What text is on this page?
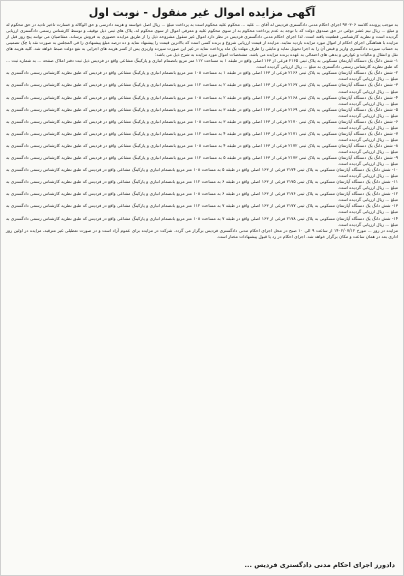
آگهی مزایده اموال غیر منقول - نوبت اول

به موجب پرونده کلاسه ۹۷۰۳۰۶ اجرای احکام مدنی دادگستری فردیس له آقای ... علیه ... محکوم علیه محکوم است به پرداخت مبلغ ... ریال اصل خواسته و هزینه دادرسی و حق الوکاله و خسارت تاخیر تادیه در حق محکوم له و مبلغ ... ریال نیم عشر دولتی در حق صندوق دولت که با توجه به عدم پرداخت محکوم به از سوی محکوم علیه و معرفی اموال از سوی محکوم له، پلاک های ثبتی ذیل توقیف و توسط کارشناس رسمی دادگستری ارزیابی گردیده است و نظریه کارشناسی قطعیت یافته است. لذا اجرای احکام مدنی دادگستری فردیس در نظر دارد اموال غیر منقول مشروحه ذیل را از طریق مزایده حضوری به فروش برساند. متقاضیان می توانند پنج روز قبل از مزایده با هماهنگی اجرای احکام از اموال مورد مزایده بازدید نمایند. مزایده از قیمت ارزیابی شروع و برنده کسی است که بالاترین قیمت را پیشنهاد نماید و ده درصد مبلغ پیشنهادی را فی المجلس به صورت نقد یا چک تضمینی به حساب سپرده دادگستری واریز و قبض آن را به اجرا تحویل نماید و مابقی را ظرف مهلت یک ماه پرداخت نماید در غیر این صورت سپرده واریزی پس از کسر هزینه های اجرایی به نفع دولت ضبط خواهد شد. کلیه هزینه های نقل و انتقال و مالیات و عوارض و بدهی های احتمالی به عهده برنده مزایده می باشد. مشخصات اموال مورد مزایده به شرح ذیل می باشد:

۱- شش دانگ یک دستگاه آپارتمان مسکونی به پلاک ثبتی ۲۱۶۵ فرعی از ۱۶۳ اصلی واقع در طبقه ۱ به مساحت ۱۱۲ متر مربع بانضمام انباری و پارکینگ مشاعی واقع در فردیس ذیل ثبت دفتر املاک صفحه ... به شماره ثبت ... که طبق نظریه کارشناس رسمی دادگستری به مبلغ ... ریال ارزیابی گردیده است.

۲- شش دانگ یک دستگاه آپارتمان مسکونی به پلاک ثبتی ۲۱۶۶ فرعی از ۱۶۳ اصلی واقع در طبقه ۱ به مساحت ۱۰۸ متر مربع بانضمام انباری و پارکینگ مشاعی واقع در فردیس که طبق نظریه کارشناس رسمی دادگستری به مبلغ ... ریال ارزیابی گردیده است.

۳- شش دانگ یک دستگاه آپارتمان مسکونی به پلاک ثبتی ۲۱۶۷ فرعی از ۱۶۳ اصلی واقع در طبقه ۲ به مساحت ۱۱۲ متر مربع بانضمام انباری و پارکینگ مشاعی واقع در فردیس که طبق نظریه کارشناس رسمی دادگستری به مبلغ ... ریال ارزیابی گردیده است.

۴- شش دانگ یک دستگاه آپارتمان مسکونی به پلاک ثبتی ۲۱۶۸ فرعی از ۱۶۳ اصلی واقع در طبقه ۲ به مساحت ۱۰۸ متر مربع بانضمام انباری و پارکینگ مشاعی واقع در فردیس که طبق نظریه کارشناس رسمی دادگستری به مبلغ ... ریال ارزیابی گردیده است.

۵- شش دانگ یک دستگاه آپارتمان مسکونی به پلاک ثبتی ۲۱۶۹ فرعی از ۱۶۳ اصلی واقع در طبقه ۳ به مساحت ۱۱۲ متر مربع بانضمام انباری و پارکینگ مشاعی واقع در فردیس که طبق نظریه کارشناس رسمی دادگستری به مبلغ ... ریال ارزیابی گردیده است.

۶- شش دانگ یک دستگاه آپارتمان مسکونی به پلاک ثبتی ۲۱۷۰ فرعی از ۱۶۳ اصلی واقع در طبقه ۳ به مساحت ۱۰۸ متر مربع بانضمام انباری و پارکینگ مشاعی واقع در فردیس که طبق نظریه کارشناس رسمی دادگستری به مبلغ ... ریال ارزیابی گردیده است.

۷- شش دانگ یک دستگاه آپارتمان مسکونی به پلاک ثبتی ۲۱۷۱ فرعی از ۱۶۳ اصلی واقع در طبقه ۴ به مساحت ۱۱۲ متر مربع بانضمام انباری و پارکینگ مشاعی واقع در فردیس که طبق نظریه کارشناس رسمی دادگستری به مبلغ ... ریال ارزیابی گردیده است.

۸- شش دانگ یک دستگاه آپارتمان مسکونی به پلاک ثبتی ۲۱۷۲ فرعی از ۱۶۳ اصلی واقع در طبقه ۴ به مساحت ۱۰۸ متر مربع بانضمام انباری و پارکینگ مشاعی واقع در فردیس که طبق نظریه کارشناس رسمی دادگستری به مبلغ ... ریال ارزیابی گردیده است.

۹- شش دانگ یک دستگاه آپارتمان مسکونی به پلاک ثبتی ۲۱۷۳ فرعی از ۱۶۳ اصلی واقع در طبقه ۵ به مساحت ۱۱۲ متر مربع بانضمام انباری و پارکینگ مشاعی واقع در فردیس که طبق نظریه کارشناس رسمی دادگستری به مبلغ ... ریال ارزیابی گردیده است.

۱۰- شش دانگ یک دستگاه آپارتمان مسکونی به پلاک ثبتی ۲۱۷۴ فرعی از ۱۶۳ اصلی واقع در طبقه ۵ به مساحت ۱۰۸ متر مربع بانضمام انباری و پارکینگ مشاعی واقع در فردیس که طبق نظریه کارشناس رسمی دادگستری به مبلغ ... ریال ارزیابی گردیده است.

۱۱- شش دانگ یک دستگاه آپارتمان مسکونی به پلاک ثبتی ۲۱۷۵ فرعی از ۱۶۳ اصلی واقع در طبقه ۶ به مساحت ۱۱۲ متر مربع بانضمام انباری و پارکینگ مشاعی واقع در فردیس که طبق نظریه کارشناس رسمی دادگستری به مبلغ ... ریال ارزیابی گردیده است.

۱۲- شش دانگ یک دستگاه آپارتمان مسکونی به پلاک ثبتی ۲۱۷۶ فرعی از ۱۶۳ اصلی واقع در طبقه ۶ به مساحت ۱۰۸ متر مربع بانضمام انباری و پارکینگ مشاعی واقع در فردیس که طبق نظریه کارشناس رسمی دادگستری به مبلغ ... ریال ارزیابی گردیده است.

۱۳- شش دانگ یک دستگاه آپارتمان مسکونی به پلاک ثبتی ۲۱۷۷ فرعی از ۱۶۳ اصلی واقع در طبقه ۷ به مساحت ۱۱۲ متر مربع بانضمام انباری و پارکینگ مشاعی واقع در فردیس که طبق نظریه کارشناس رسمی دادگستری به مبلغ ... ریال ارزیابی گردیده است.

۱۴- شش دانگ یک دستگاه آپارتمان مسکونی به پلاک ثبتی ۲۱۷۸ فرعی از ۱۶۳ اصلی واقع در طبقه ۷ به مساحت ۱۰۸ متر مربع بانضمام انباری و پارکینگ مشاعی واقع در فردیس که طبق نظریه کارشناس رسمی دادگستری به مبلغ ... ریال ارزیابی گردیده است.

مزایده در روز ... مورخ ۱۴۰۲/۰۷/۱۲ از ساعت ۹ الی ۱۰ صبح در محل اجرای احکام مدنی دادگستری فردیس برگزار می گردد. شرکت در مزایده برای عموم آزاد است و در صورت تعطیلی غیر مترقبه، مزایده در اولین روز اداری بعد در همان ساعت و مکان برگزار خواهد شد. اجرای احکام در رد یا قبول پیشنهادات مختار است.

دادورز اجرای احکام مدنی دادگستری فردیس ...
